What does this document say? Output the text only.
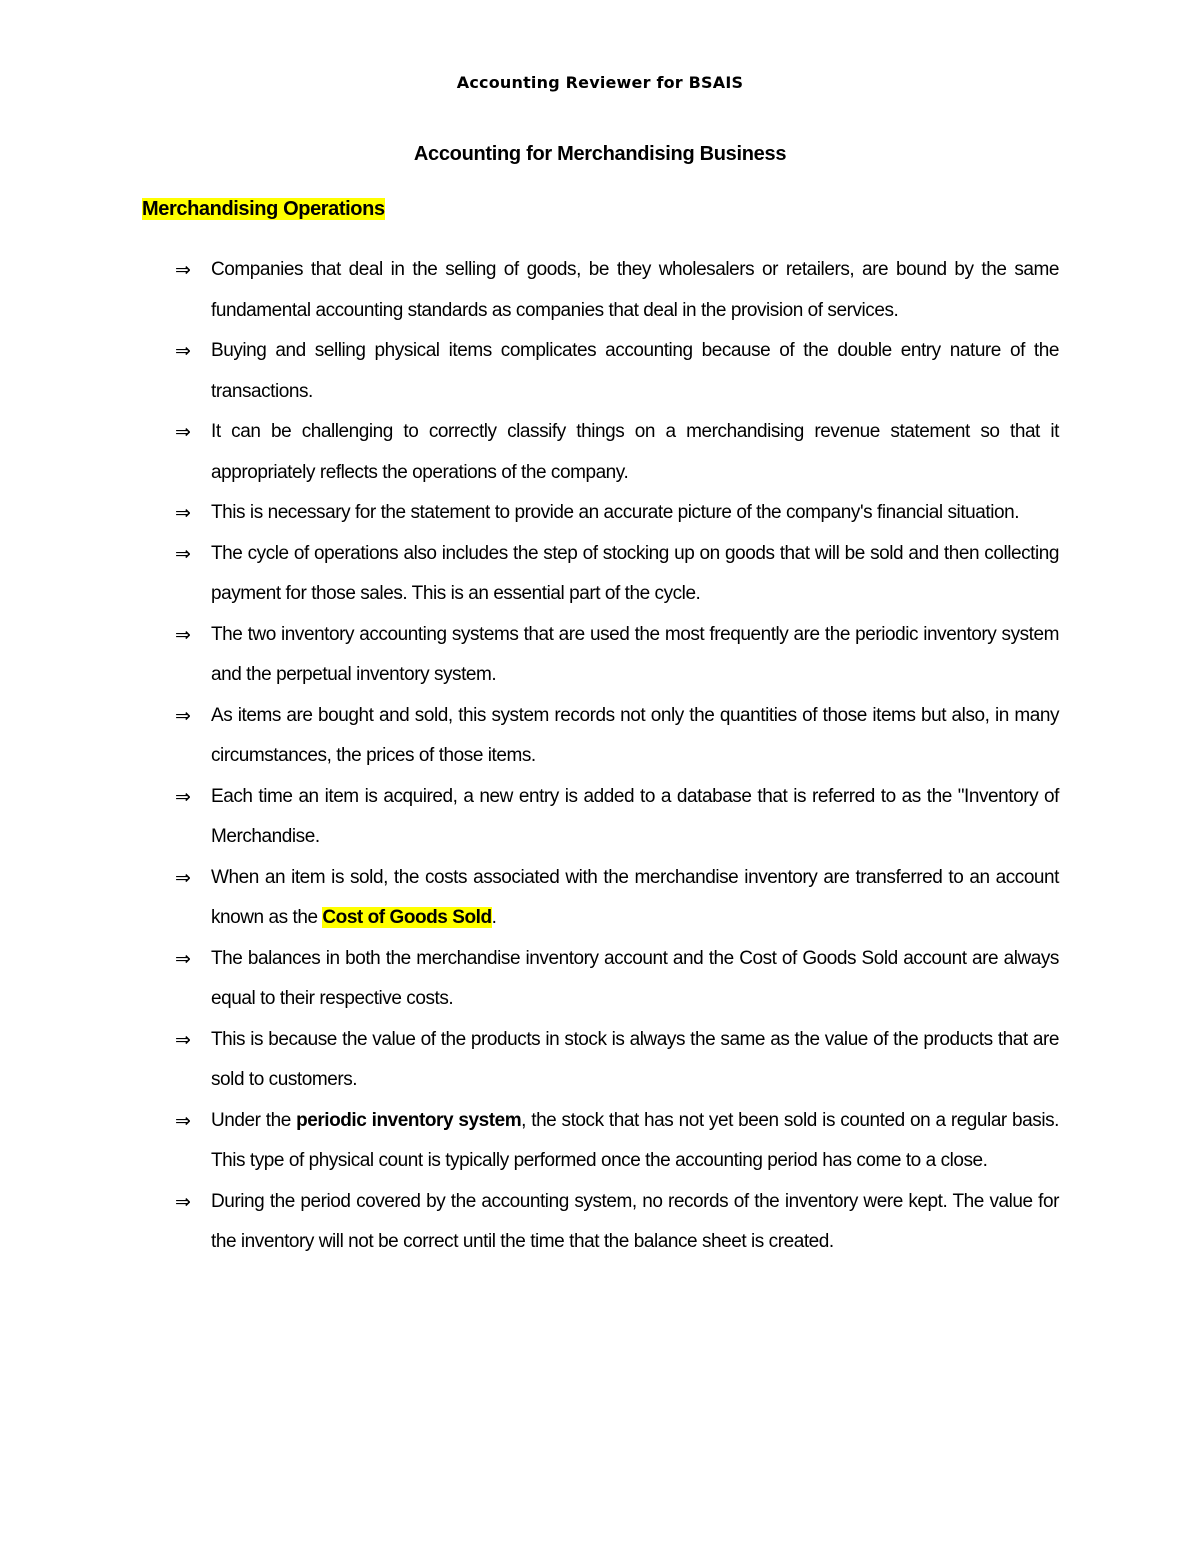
Accounting Reviewer for BSAIS
Accounting for Merchandising Business
Merchandising Operations
⇒ Companies that deal in the selling of goods, be they wholesalers or retailers, are bound by the same fundamental accounting standards as companies that deal in the provision of services.
⇒ Buying and selling physical items complicates accounting because of the double entry nature of the transactions.
⇒ It can be challenging to correctly classify things on a merchandising revenue statement so that it appropriately reflects the operations of the company.
⇒ This is necessary for the statement to provide an accurate picture of the company's financial situation.
⇒ The cycle of operations also includes the step of stocking up on goods that will be sold and then collecting payment for those sales. This is an essential part of the cycle.
⇒ The two inventory accounting systems that are used the most frequently are the periodic inventory system and the perpetual inventory system.
⇒ As items are bought and sold, this system records not only the quantities of those items but also, in many circumstances, the prices of those items.
⇒ Each time an item is acquired, a new entry is added to a database that is referred to as the "Inventory of Merchandise.
⇒ When an item is sold, the costs associated with the merchandise inventory are transferred to an account known as the Cost of Goods Sold.
⇒ The balances in both the merchandise inventory account and the Cost of Goods Sold account are always equal to their respective costs.
⇒ This is because the value of the products in stock is always the same as the value of the products that are sold to customers.
⇒ Under the periodic inventory system, the stock that has not yet been sold is counted on a regular basis. This type of physical count is typically performed once the accounting period has come to a close.
⇒ During the period covered by the accounting system, no records of the inventory were kept. The value for the inventory will not be correct until the time that the balance sheet is created.
